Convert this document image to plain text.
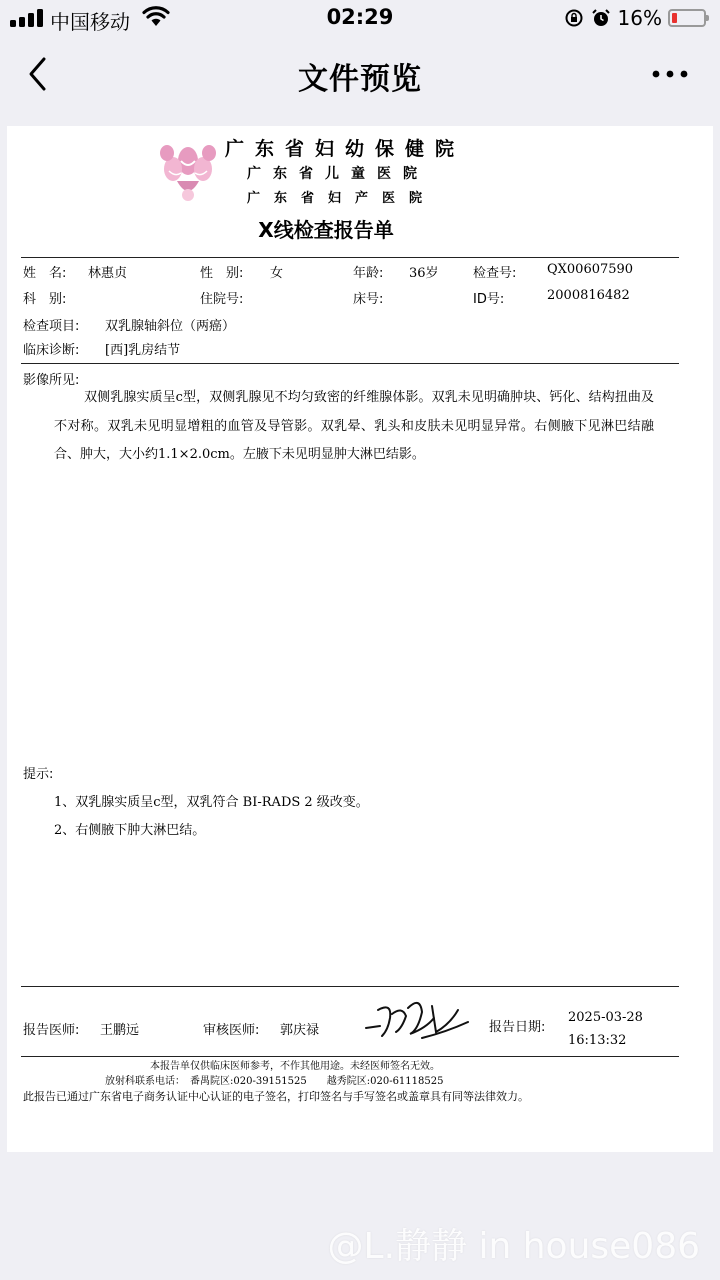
中国移动	02:29	16%
文件预览
广东省妇幼保健院
广东省儿童医院
广东省妇产医院
X线检查报告单
姓　名: 林惠贞	性　别: 女	年龄: 36岁	检查号: QX00607590
科　别:	住院号:	床号:	ID号:	2000816482
检查项目: 双乳腺轴斜位（两癌）
临床诊断: [西]乳房结节
影像所见:
双侧乳腺实质呈c型，双侧乳腺见不均匀致密的纤维腺体影。双乳未见明确肿块、钙化、结构扭曲及不对称。双乳未见明显增粗的血管及导管影。双乳晕、乳头和皮肤未见明显异常。右侧腋下见淋巴结融合、肿大，大小约1.1×2.0cm。左腋下未见明显肿大淋巴结影。
提示:
1、双乳腺实质呈c型，双乳符合 BI-RADS 2 级改变。
2、右侧腋下肿大淋巴结。
报告医师: 王鹏远	审核医师: 郭庆禄	报告日期:
2025-03-28
16:13:32
本报告单仅供临床医师参考，不作其他用途。未经医师签名无效。
放射科联系电话：　番禺院区:020-39151525　　越秀院区:020-61118525
此报告已通过广东省电子商务认证中心认证的电子签名，打印签名与手写签名或盖章具有同等法律效力。
@L.静静 in house086
